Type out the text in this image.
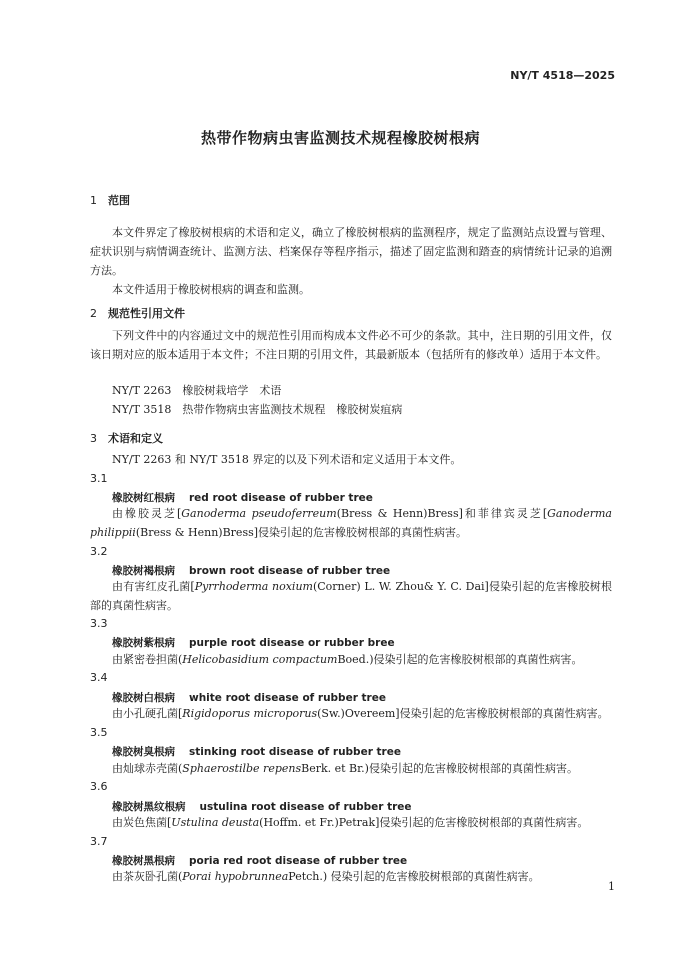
NY/T 4518—2025
热带作物病虫害监测技术规程橡胶树根病
1 范围
本文件界定了橡胶树根病的术语和定义，确立了橡胶树根病的监测程序，规定了监测站点设置与管理、症状识别与病情调查统计、监测方法、档案保存等程序指示，描述了固定监测和踏查的病情统计记录的追溯方法。
本文件适用于橡胶树根病的调查和监测。
2 规范性引用文件
下列文件中的内容通过文中的规范性引用而构成本文件必不可少的条款。其中，注日期的引用文件，仅该日期对应的版本适用于本文件；不注日期的引用文件，其最新版本（包括所有的修改单）适用于本文件。
NY/T 2263　橡胶树栽培学　术语
NY/T 3518　热带作物病虫害监测技术规程　橡胶树炭疽病
3 术语和定义
NY/T 2263 和 NY/T 3518 界定的以及下列术语和定义适用于本文件。
3.1
橡胶树红根病 red root disease of rubber tree
由橡胶灵芝[Ganoderma pseudoferreum(Bress & Henn)Bress]和菲律宾灵芝[Ganoderma philippii(Bress & Henn)Bress]侵染引起的危害橡胶树根部的真菌性病害。
3.2
橡胶树褐根病 brown root disease of rubber tree
由有害红皮孔菌[Pyrrhoderma noxium(Corner) L. W. Zhou& Y. C. Dai]侵染引起的危害橡胶树根部的真菌性病害。
3.3
橡胶树紫根病 purple root disease or rubber bree
由紧密卷担菌(Helicobasidium compactumBoed.)侵染引起的危害橡胶树根部的真菌性病害。
3.4
橡胶树白根病 white root disease of rubber tree
由小孔硬孔菌[Rigidoporus microporus(Sw.)Overeem]侵染引起的危害橡胶树根部的真菌性病害。
3.5
橡胶树臭根病 stinking root disease of rubber tree
由灿球赤壳菌(Sphaerostilbe repensBerk. et Br.)侵染引起的危害橡胶树根部的真菌性病害。
3.6
橡胶树黑纹根病 ustulina root disease of rubber tree
由炭色焦菌[Ustulina deusta(Hoffm. et Fr.)Petrak]侵染引起的危害橡胶树根部的真菌性病害。
3.7
橡胶树黑根病 poria red root disease of rubber tree
由茶灰卧孔菌(Porai hypobrunneaPetch.) 侵染引起的危害橡胶树根部的真菌性病害。
1
